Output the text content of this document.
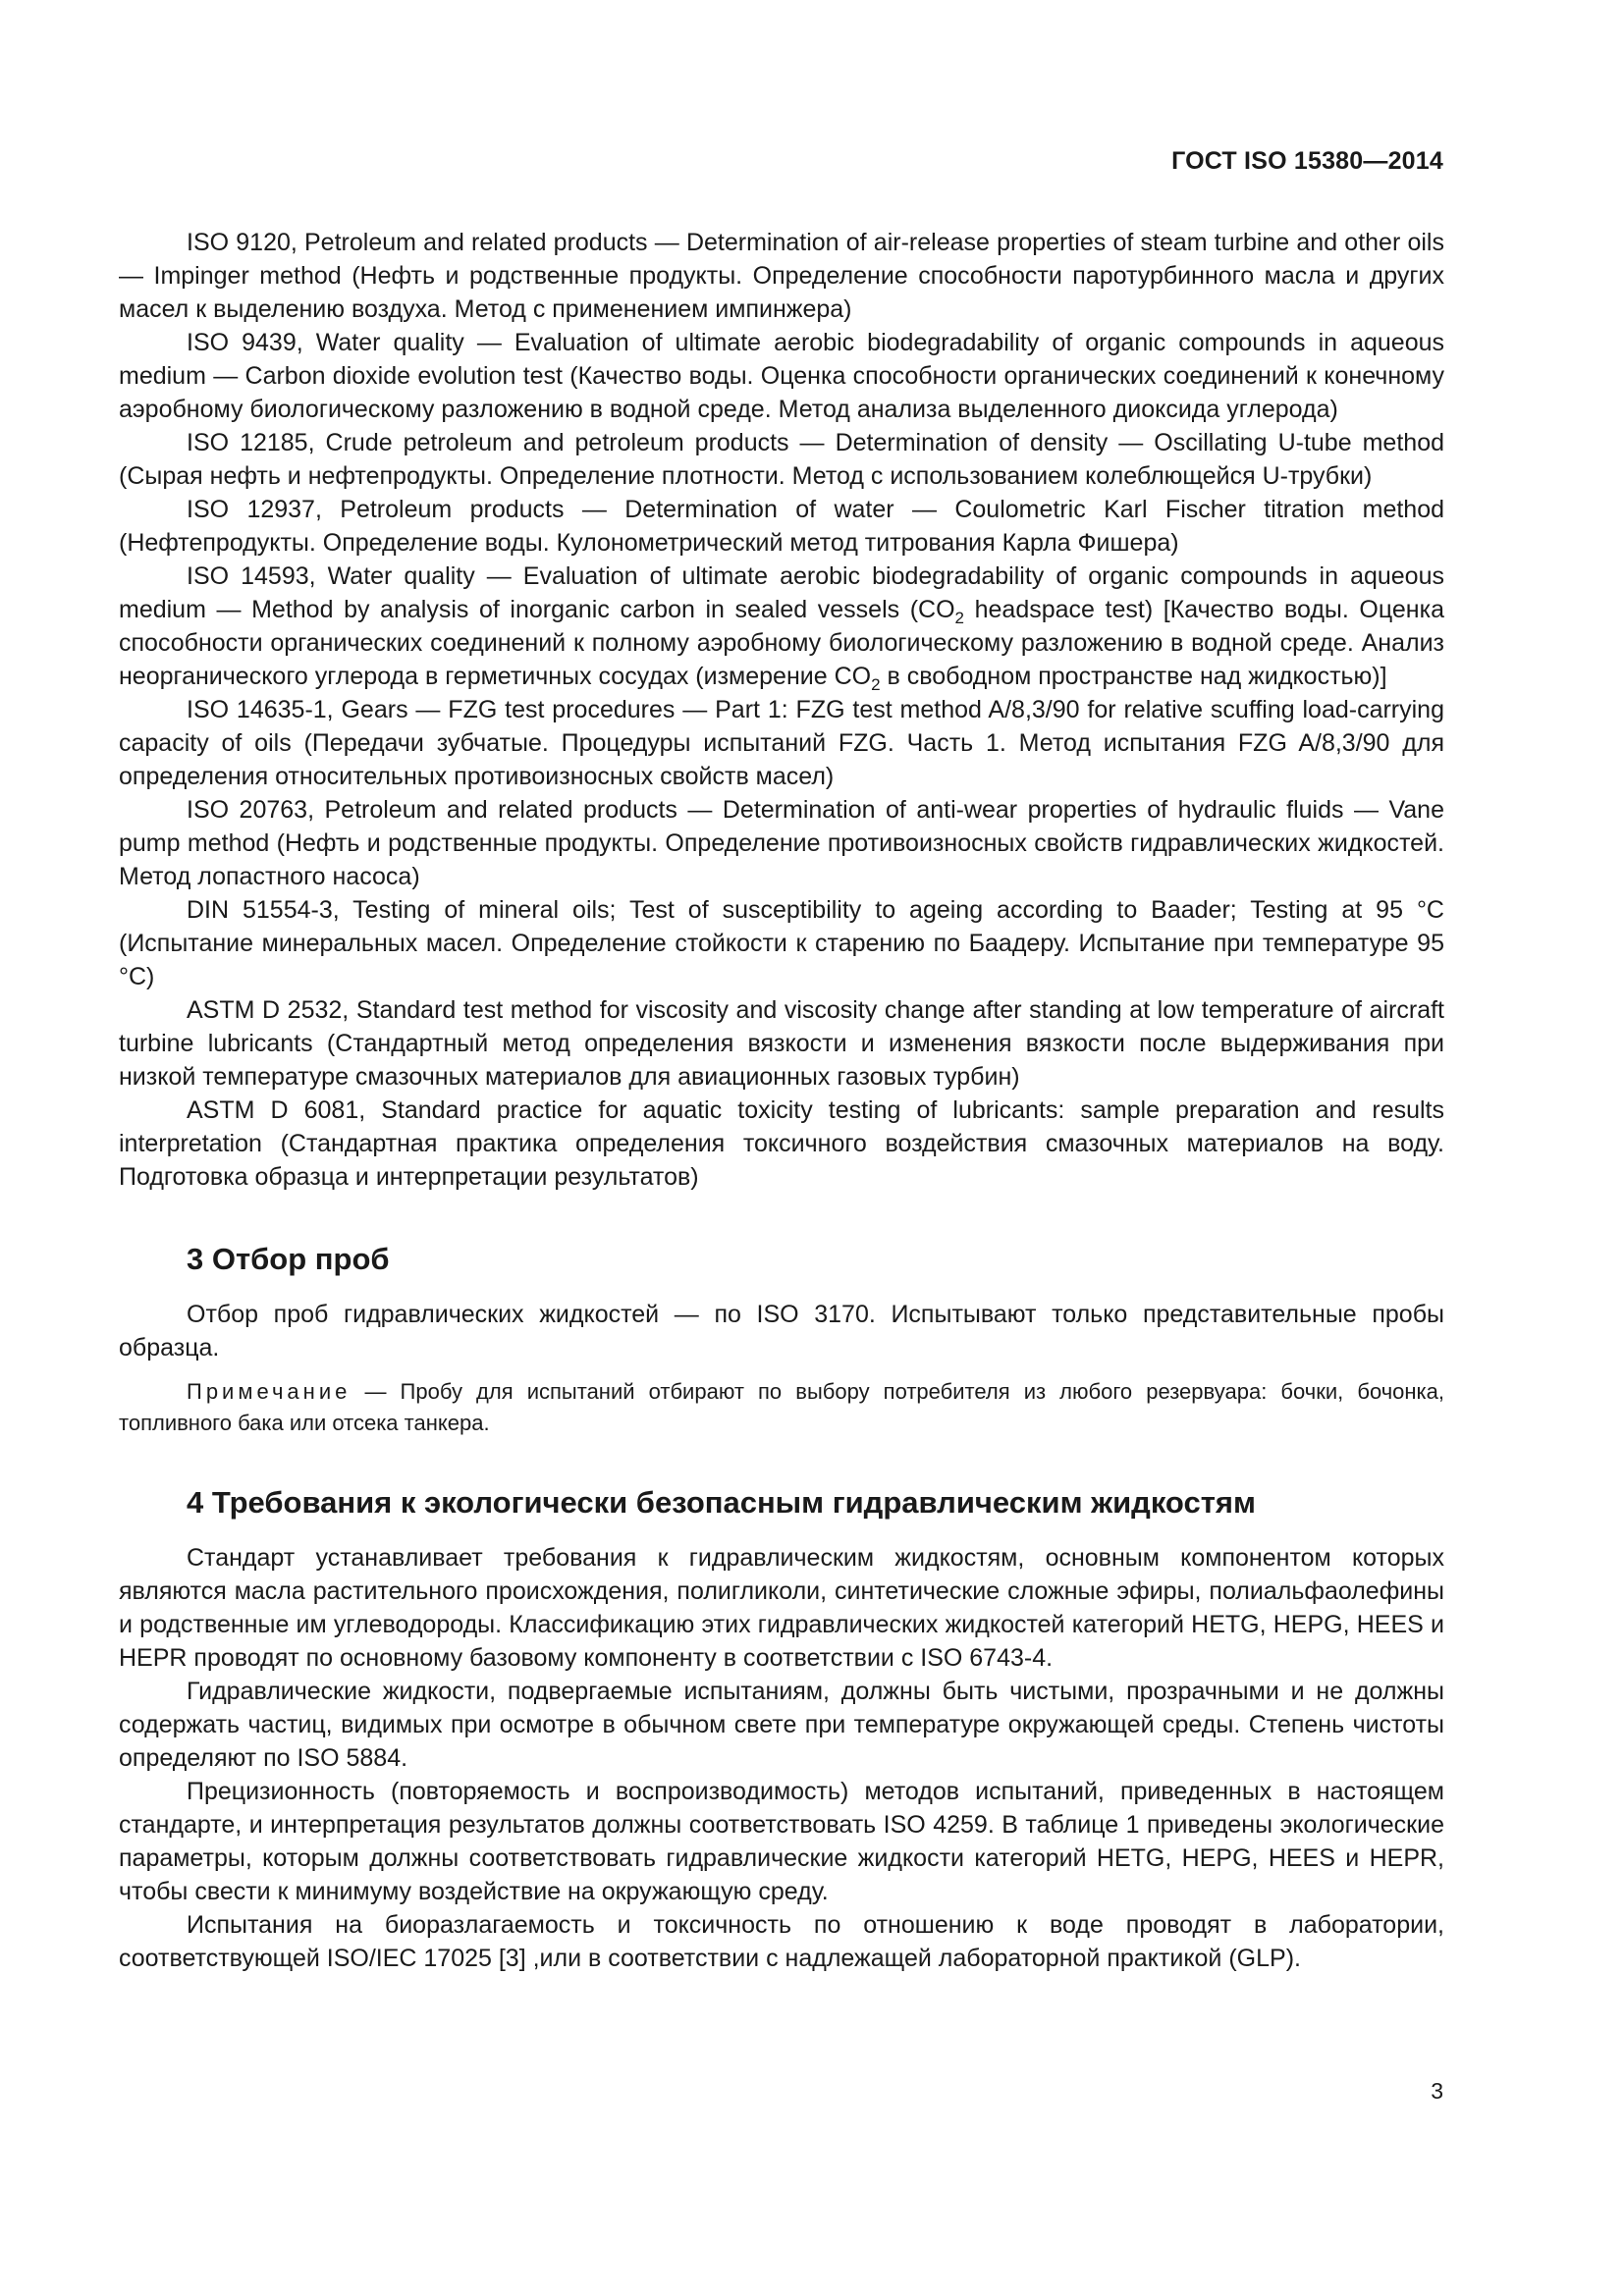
ГОСТ ISO 15380—2014

ISO 9120, Petroleum and related products — Determination of air-release properties of steam turbine and other oils — Impinger method (Нефть и родственные продукты. Определение способности паротурбинного масла и других масел к выделению воздуха. Метод с применением импинжера)

ISO 9439, Water quality — Evaluation of ultimate aerobic biodegradability of organic compounds in aqueous medium — Carbon dioxide evolution test (Качество воды. Оценка способности органических соединений к конечному аэробному биологическому разложению в водной среде. Метод анализа выделенного диоксида углерода)

ISO 12185, Crude petroleum and petroleum products — Determination of density — Oscillating U-tube method (Сырая нефть и нефтепродукты. Определение плотности. Метод с использованием колеблющейся U-трубки)

ISO 12937, Petroleum products — Determination of water — Coulometric Karl Fischer titration method (Нефтепродукты. Определение воды. Кулонометрический метод титрования Карла Фишера)

ISO 14593, Water quality — Evaluation of ultimate aerobic biodegradability of organic compounds in aqueous medium — Method by analysis of inorganic carbon in sealed vessels ($CO_2$ headspace test) [Качество воды. Оценка способности органических соединений к полному аэробному биологическому разложению в водной среде. Анализ неорганического углерода в герметичных сосудах (измерение $CO_2$ в свободном пространстве над жидкостью)]

ISO 14635-1, Gears — FZG test procedures — Part 1: FZG test method A/8,3/90 for relative scuffing load-carrying capacity of oils (Передачи зубчатые. Процедуры испытаний FZG. Часть 1. Метод испытания FZG A/8,3/90 для определения относительных противоизносных свойств масел)

ISO 20763, Petroleum and related products — Determination of anti-wear properties of hydraulic fluids — Vane pump method (Нефть и родственные продукты. Определение противоизносных свойств гидравлических жидкостей. Метод лопастного насоса)

DIN 51554-3, Testing of mineral oils; Test of susceptibility to ageing according to Baader; Testing at 95 °C (Испытание минеральных масел. Определение стойкости к старению по Баадеру. Испытание при температуре 95 °C)

ASTM D 2532, Standard test method for viscosity and viscosity change after standing at low temperature of aircraft turbine lubricants (Стандартный метод определения вязкости и изменения вязкости после выдерживания при низкой температуре смазочных материалов для авиационных газовых турбин)

ASTM D 6081, Standard practice for aquatic toxicity testing of lubricants: sample preparation and results interpretation (Стандартная практика определения токсичного воздействия смазочных материалов на воду. Подготовка образца и интерпретации результатов)

3 Отбор проб

Отбор проб гидравлических жидкостей — по ISO 3170. Испытывают только представительные пробы образца.

Примечание — Пробу для испытаний отбирают по выбору потребителя из любого резервуара: бочки, бочонка, топливного бака или отсека танкера.

4 Требования к экологически безопасным гидравлическим жидкостям

Стандарт устанавливает требования к гидравлическим жидкостям, основным компонентом которых являются масла растительного происхождения, полигликоли, синтетические сложные эфиры, полиальфаолефины и родственные им углеводороды. Классификацию этих гидравлических жидкостей категорий HETG, HEPG, HEES и HEPR проводят по основному базовому компоненту в соответствии с ISO 6743-4.

Гидравлические жидкости, подвергаемые испытаниям, должны быть чистыми, прозрачными и не должны содержать частиц, видимых при осмотре в обычном свете при температуре окружающей среды. Степень чистоты определяют по ISO 5884.

Прецизионность (повторяемость и воспроизводимость) методов испытаний, приведенных в настоящем стандарте, и интерпретация результатов должны соответствовать ISO 4259. В таблице 1 приведены экологические параметры, которым должны соответствовать гидравлические жидкости категорий HETG, HEPG, HEES и HEPR, чтобы свести к минимуму воздействие на окружающую среду.

Испытания на биоразлагаемость и токсичность по отношению к воде проводят в лаборатории, соответствующей ISO/IEC 17025 [3] ,или в соответствии с надлежащей лабораторной практикой (GLP).

3
